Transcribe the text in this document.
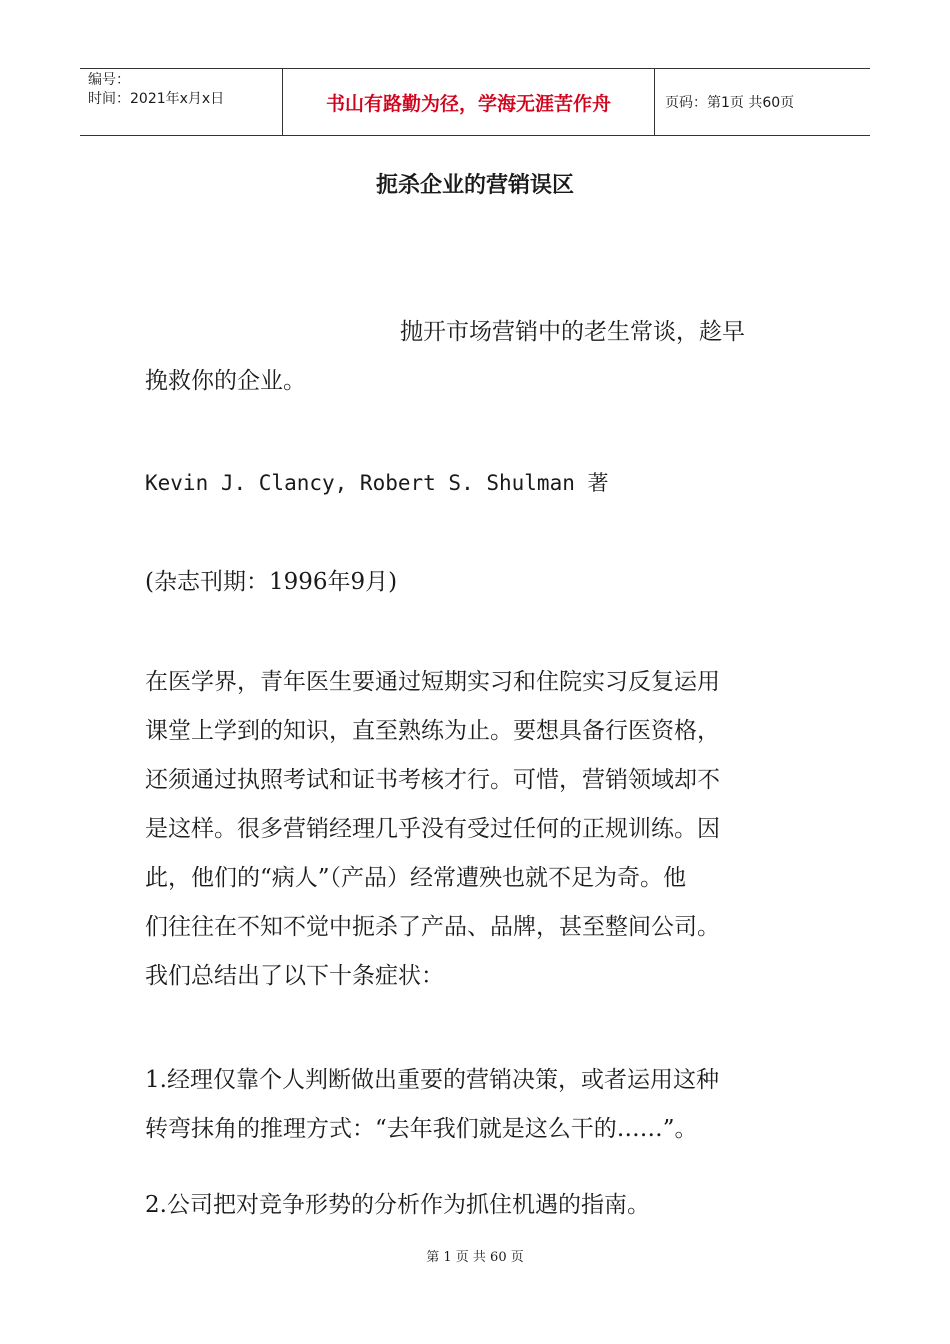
编号：
时间：2021年x月x日	书山有路勤为径，学海无涯苦作舟	页码：第1页 共60页
扼杀企业的营销误区

抛开市场营销中的老生常谈，趁早

挽救你的企业。

Kevin J. Clancy, Robert S. Shulman 著
(杂志刊期：1996年9月)

在医学界，青年医生要通过短期实习和住院实习反复运用

课堂上学到的知识，直至熟练为止。要想具备行医资格，

还须通过执照考试和证书考核才行。可惜，营销领域却不

是这样。很多营销经理几乎没有受过任何的正规训练。因

此，他们的“病人”（产品）经常遭殃也就不足为奇。他

们往往在不知不觉中扼杀了产品、品牌，甚至整间公司。

我们总结出了以下十条症状：

1.经理仅靠个人判断做出重要的营销决策，或者运用这种

转弯抹角的推理方式：“去年我们就是这么干的……”。

2.公司把对竞争形势的分析作为抓住机遇的指南。
第 1 页 共 60 页
